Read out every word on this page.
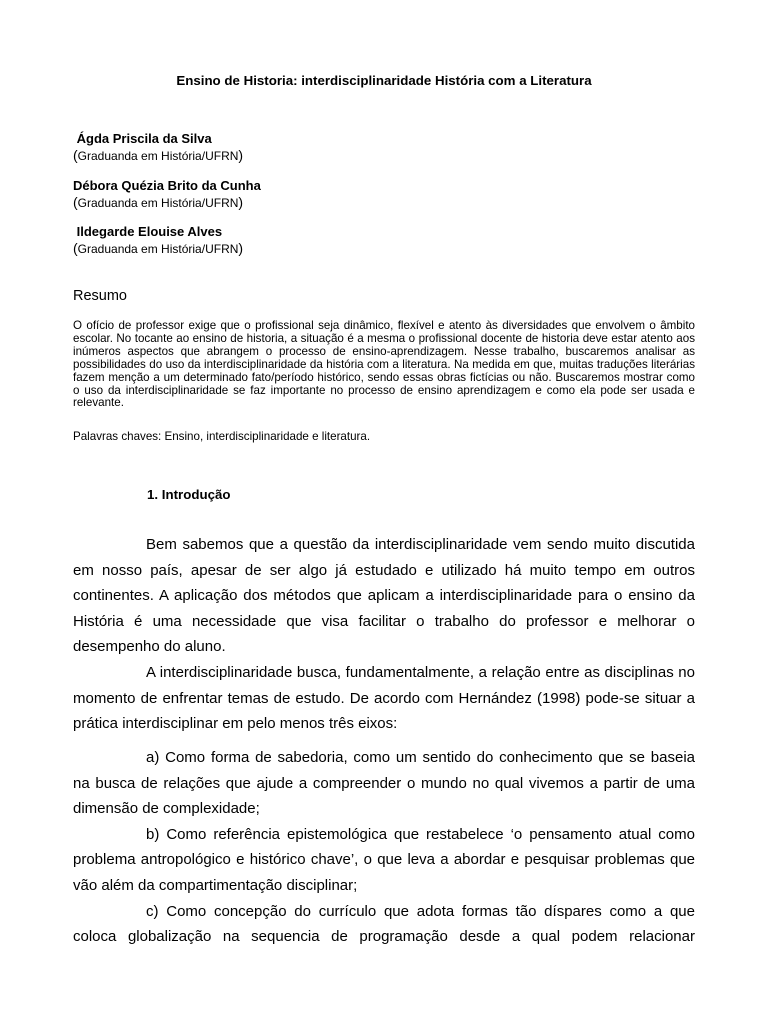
Ensino de Historia: interdisciplinaridade História com a Literatura
Ágda Priscila da Silva
(Graduanda em História/UFRN)
Débora Quézia Brito da Cunha
(Graduanda em História/UFRN)
Ildegarde Elouise Alves
(Graduanda em História/UFRN)
Resumo
O ofício de professor exige que o profissional seja dinâmico, flexível e atento às diversidades que envolvem o âmbito escolar. No tocante ao ensino de historia, a situação é a mesma o profissional docente de historia deve estar atento aos inúmeros aspectos que abrangem o processo de ensino-aprendizagem. Nesse trabalho, buscaremos analisar as possibilidades do uso da interdisciplinaridade da história com a literatura. Na medida em que, muitas traduções literárias fazem menção a um determinado fato/período histórico, sendo essas obras fictícias ou não. Buscaremos mostrar como o uso da interdisciplinaridade se faz importante no processo de ensino aprendizagem e como ela pode ser usada e relevante.
Palavras chaves: Ensino, interdisciplinaridade e literatura.
1. Introdução

Bem sabemos que a questão da interdisciplinaridade vem sendo muito discutida em nosso país, apesar de ser algo já estudado e utilizado há muito tempo em outros continentes. A aplicação dos métodos que aplicam a interdisciplinaridade para o ensino da História é uma necessidade que visa facilitar o trabalho do professor e melhorar o desempenho do aluno.

A interdisciplinaridade busca, fundamentalmente, a relação entre as disciplinas no momento de enfrentar temas de estudo. De acordo com Hernández (1998) pode-se situar a prática interdisciplinar em pelo menos três eixos:

a) Como forma de sabedoria, como um sentido do conhecimento que se baseia na busca de relações que ajude a compreender o mundo no qual vivemos a partir de uma dimensão de complexidade;

b) Como referência epistemológica que restabelece ‘o pensamento atual como problema antropológico e histórico chave’, o que leva a abordar e pesquisar problemas que vão além da compartimentação disciplinar;

c) Como concepção do currículo que adota formas tão díspares como a que coloca globalização na sequencia de programação desde a qual podem relacionar
